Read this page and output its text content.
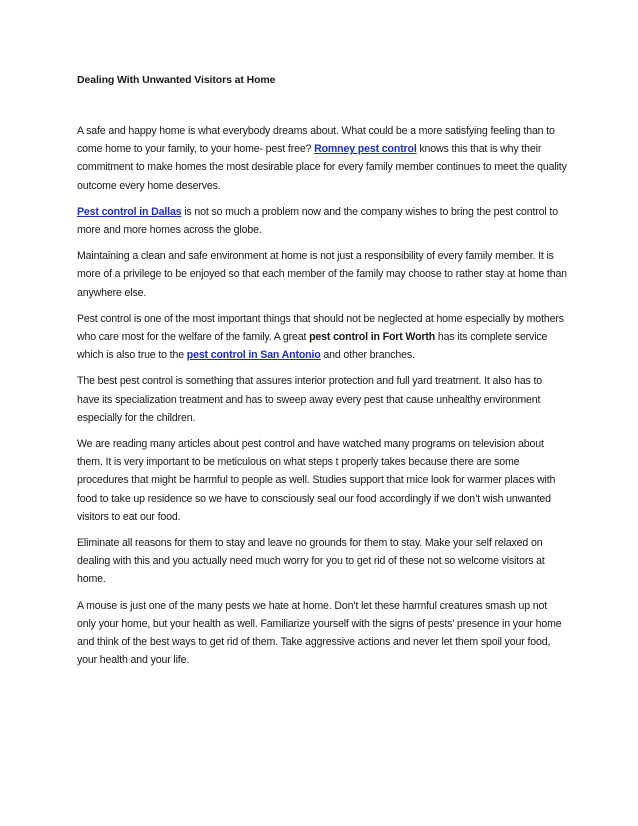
Dealing With Unwanted Visitors at Home

A safe and happy home is what everybody dreams about. What could be a more satisfying feeling than to come home to your family, to your home- pest free? Romney pest control knows this that is why their commitment to make homes the most desirable place for every family member continues to meet the quality outcome every home deserves.

Pest control in Dallas is not so much a problem now and the company wishes to bring the pest control to more and more homes across the globe.

Maintaining a clean and safe environment at home is not just a responsibility of every family member. It is more of a privilege to be enjoyed so that each member of the family may choose to rather stay at home than anywhere else.

Pest control is one of the most important things that should not be neglected at home especially by mothers who care most for the welfare of the family. A great pest control in Fort Worth has its complete service which is also true to the pest control in San Antonio and other branches.

The best pest control is something that assures interior protection and full yard treatment. It also has to have its specialization treatment and has to sweep away every pest that cause unhealthy environment especially for the children.

We are reading many articles about pest control and have watched many programs on television about them. It is very important to be meticulous on what steps t properly takes because there are some procedures that might be harmful to people as well. Studies support that mice look for warmer places with food to take up residence so we have to consciously seal our food accordingly if we don’t wish unwanted visitors to eat our food.

Eliminate all reasons for them to stay and leave no grounds for them to stay. Make your self relaxed on dealing with this and you actually need much worry for you to get rid of these not so welcome visitors at home.

A mouse is just one of the many pests we hate at home. Don’t let these harmful creatures smash up not only your home, but your health as well. Familiarize yourself with the signs of pests’ presence in your home and think of the best ways to get rid of them. Take aggressive actions and never let them spoil your food, your health and your life.
